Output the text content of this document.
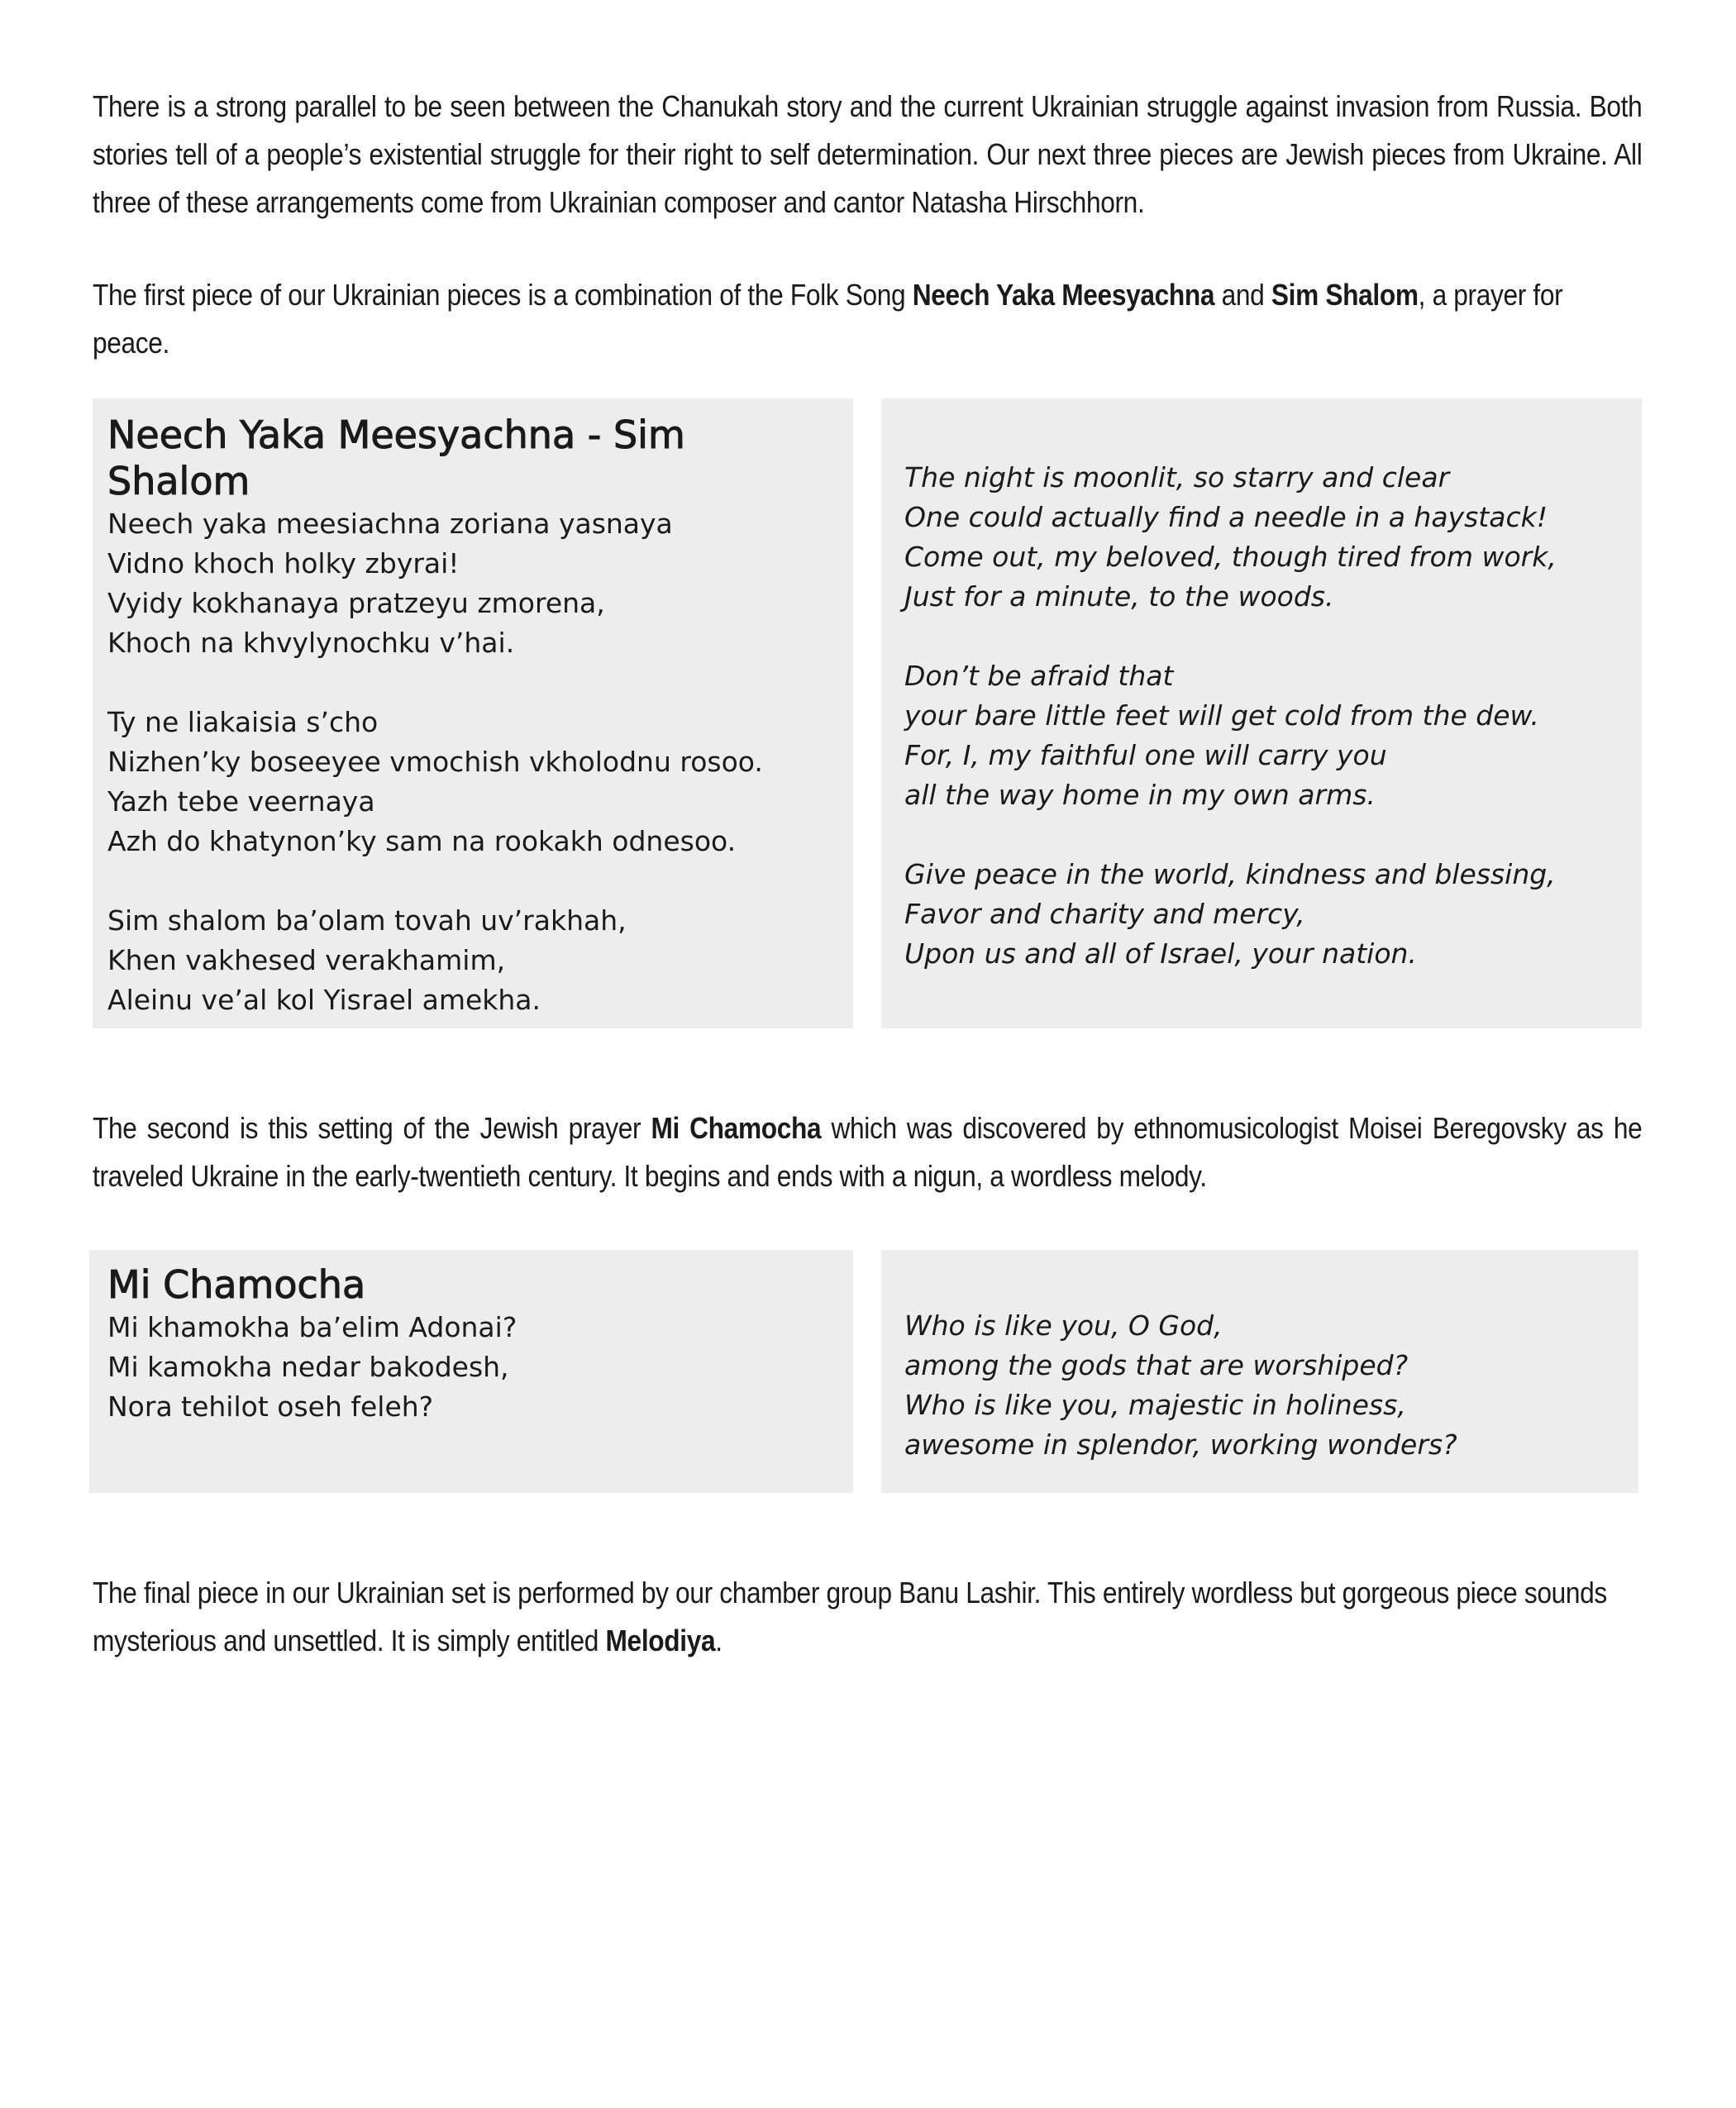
There is a strong parallel to be seen between the Chanukah story and the current Ukrainian struggle against invasion from Russia. Both stories tell of a people’s existential struggle for their right to self determination. Our next three pieces are Jewish pieces from Ukraine. All three of these arrangements come from Ukrainian composer and cantor Natasha Hirschhorn.

The first piece of our Ukrainian pieces is a combination of the Folk Song Neech Yaka Meesyachna and Sim Shalom, a prayer for peace.

Neech Yaka Meesyachna - Sim Shalom
Neech yaka meesiachna zoriana yasnaya
Vidno khoch holky zbyrai!
Vyidy kokhanaya pratzeyu zmorena,
Khoch na khvylynochku v’hai.
Ty ne liakaisia s’cho
Nizhen’ky boseeyee vmochish vkholodnu rosoo.
Yazh tebe veernaya
Azh do khatynon’ky sam na rookakh odnesoo.
Sim shalom ba’olam tovah uv’rakhah,
Khen vakhesed verakhamim,
Aleinu ve’al kol Yisrael amekha.
The night is moonlit, so starry and clear
One could actually find a needle in a haystack!
Come out, my beloved, though tired from work,
Just for a minute, to the woods.
Don’t be afraid that
your bare little feet will get cold from the dew.
For, I, my faithful one will carry you
all the way home in my own arms.
Give peace in the world, kindness and blessing,
Favor and charity and mercy,
Upon us and all of Israel, your nation.

The second is this setting of the Jewish prayer Mi Chamocha which was discovered by ethnomusicologist Moisei Beregovsky as he traveled Ukraine in the early-twentieth century. It begins and ends with a nigun, a wordless melody.

Mi Chamocha
Mi khamokha ba’elim Adonai?
Mi kamokha nedar bakodesh,
Nora tehilot oseh feleh?
Who is like you, O God,
among the gods that are worshiped?
Who is like you, majestic in holiness,
awesome in splendor, working wonders?

The final piece in our Ukrainian set is performed by our chamber group Banu Lashir. This entirely wordless but gorgeous piece sounds mysterious and unsettled. It is simply entitled Melodiya.
